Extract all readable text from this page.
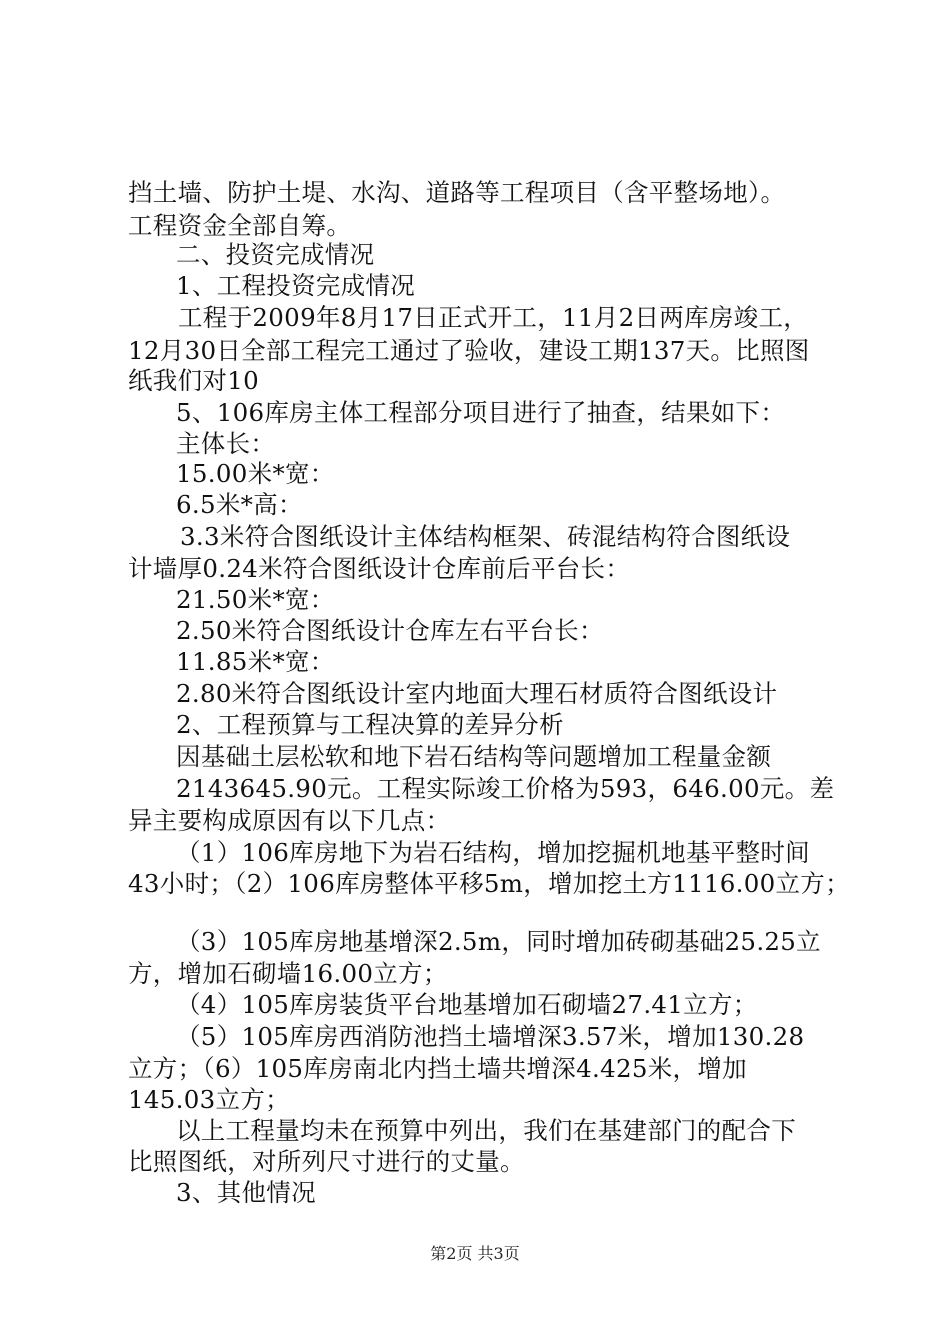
挡土墙、防护土堤、水沟、道路等工程项目（含平整场地）。
工程资金全部自筹。
二、投资完成情况
1、工程投资完成情况
工程于2009年8月17日正式开工，11月2日两库房竣工，
12月30日全部工程完工通过了验收，建设工期137天。比照图
纸我们对10
5、106库房主体工程部分项目进行了抽查，结果如下：
主体长：
15.00米*宽：
6.5米*高：
3.3米符合图纸设计主体结构框架、砖混结构符合图纸设
计墙厚0.24米符合图纸设计仓库前后平台长：
21.50米*宽：
2.50米符合图纸设计仓库左右平台长：
11.85米*宽：
2.80米符合图纸设计室内地面大理石材质符合图纸设计
2、工程预算与工程决算的差异分析
因基础土层松软和地下岩石结构等问题增加工程量金额
2143645.90元。工程实际竣工价格为593，646.00元。差
异主要构成原因有以下几点：
（1）106库房地下为岩石结构，增加挖掘机地基平整时间
43小时；（2）106库房整体平移5m，增加挖土方1116.00立方；
（3）105库房地基增深2.5m，同时增加砖砌基础25.25立
方，增加石砌墙16.00立方；
（4）105库房装货平台地基增加石砌墙27.41立方；
（5）105库房西消防池挡土墙增深3.57米，增加130.28
立方；（6）105库房南北内挡土墙共增深4.425米，增加
145.03立方；
以上工程量均未在预算中列出，我们在基建部门的配合下
比照图纸，对所列尺寸进行的丈量。
3、其他情况
第2页 共3页
